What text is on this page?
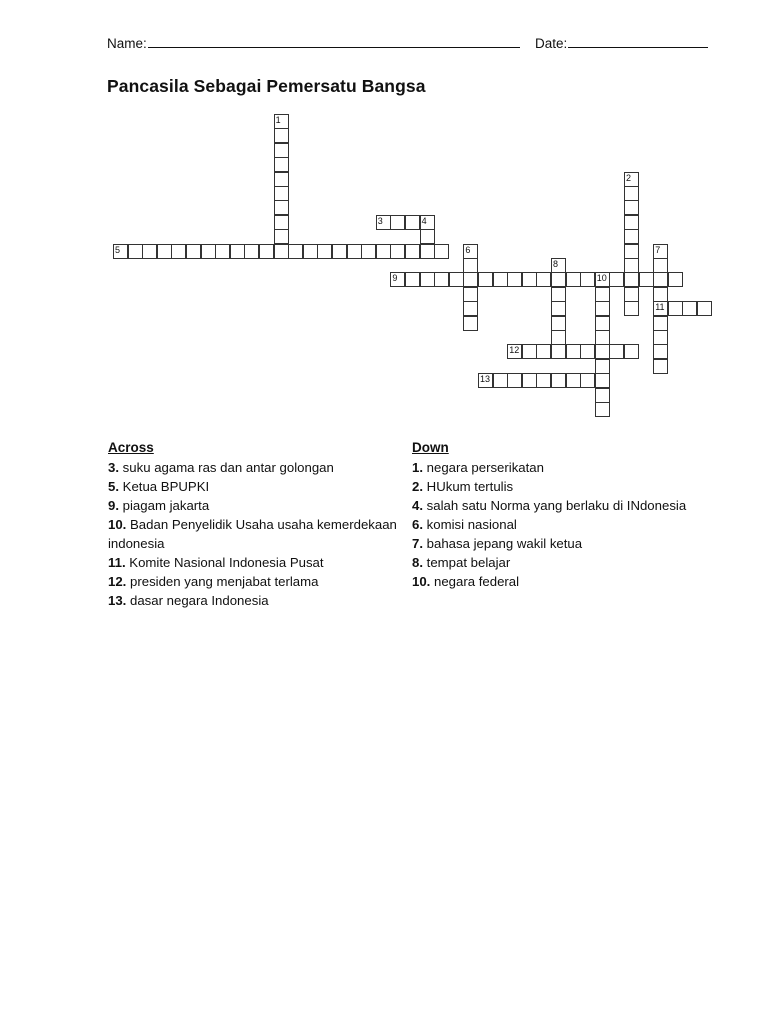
Name:	Date:
Pancasila Sebagai Pemersatu Bangsa
1
2
3	4
5	6	7
11
8
9	10
12
13
Across

3. suku agama ras dan antar golongan

5. Ketua BPUPKI

9. piagam jakarta

10. Badan Penyelidik Usaha usaha kemerdekaan indonesia

11. Komite Nasional Indonesia Pusat

12. presiden yang menjabat terlama

13. dasar negara Indonesia

Down

1. negara perserikatan

2. HUkum tertulis

4. salah satu Norma yang berlaku di INdonesia

6. komisi nasional

7. bahasa jepang wakil ketua

8. tempat belajar

10. negara federal
